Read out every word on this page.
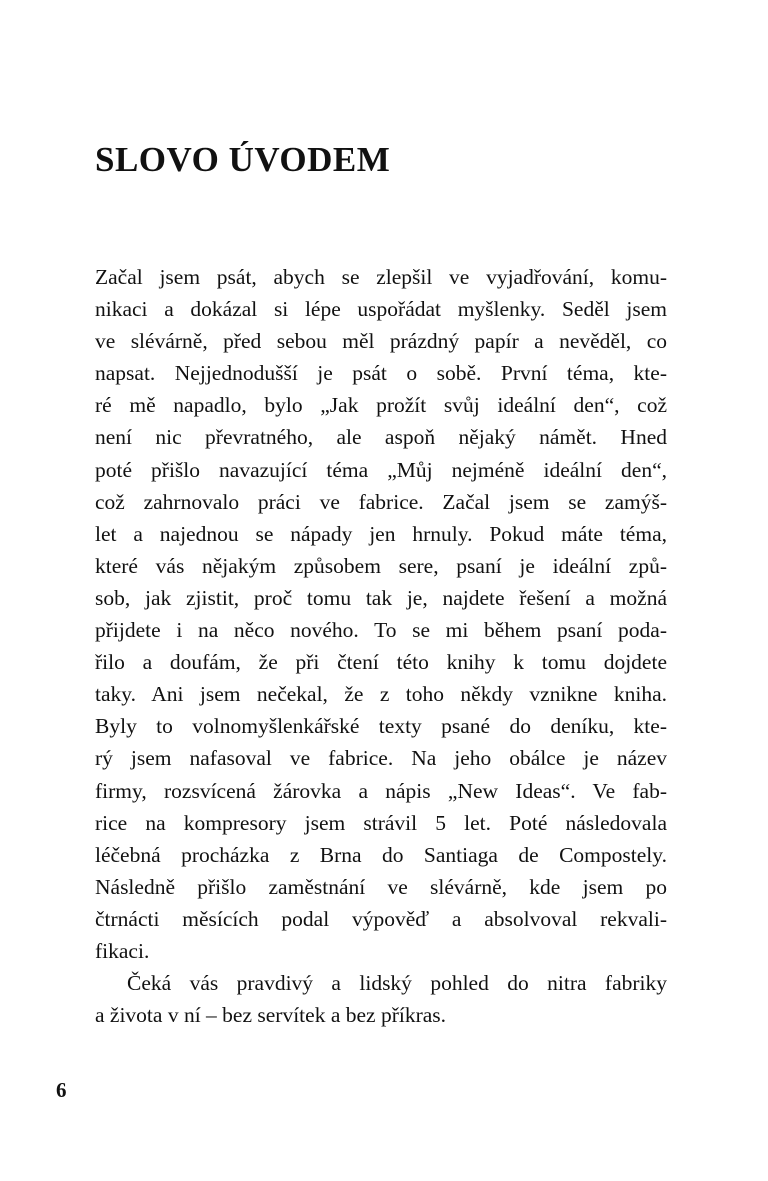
SLOVO ÚVODEM

Začal jsem psát, abych se zlepšil ve vyjadřování, komu-
nikaci a dokázal si lépe uspořádat myšlenky. Seděl jsem
ve slévárně, před sebou měl prázdný papír a nevěděl, co
napsat. Nejjednodušší je psát o sobě. První téma, kte-
ré mě napadlo, bylo „Jak prožít svůj ideální den“, což
není nic převratného, ale aspoň nějaký námět. Hned
poté přišlo navazující téma „Můj nejméně ideální den“,
což zahrnovalo práci ve fabrice. Začal jsem se zamýš-
let a najednou se nápady jen hrnuly. Pokud máte téma,
které vás nějakým způsobem sere, psaní je ideální způ-
sob, jak zjistit, proč tomu tak je, najdete řešení a možná
přijdete i na něco nového. To se mi během psaní poda-
řilo a doufám, že při čtení této knihy k tomu dojdete
taky. Ani jsem nečekal, že z toho někdy vznikne kniha.
Byly to volnomyšlenkářské texty psané do deníku, kte-
rý jsem nafasoval ve fabrice. Na jeho obálce je název
firmy, rozsvícená žárovka a nápis „New Ideas“. Ve fab-
rice na kompresory jsem strávil 5 let. Poté následovala
léčebná procházka z Brna do Santiaga de Compostely.
Následně přišlo zaměstnání ve slévárně, kde jsem po
čtrnácti měsících podal výpověď a absolvoval rekvali-
fikaci.

Čeká vás pravdivý a lidský pohled do nitra fabriky
a života v ní – bez servítek a bez příkras.

6
